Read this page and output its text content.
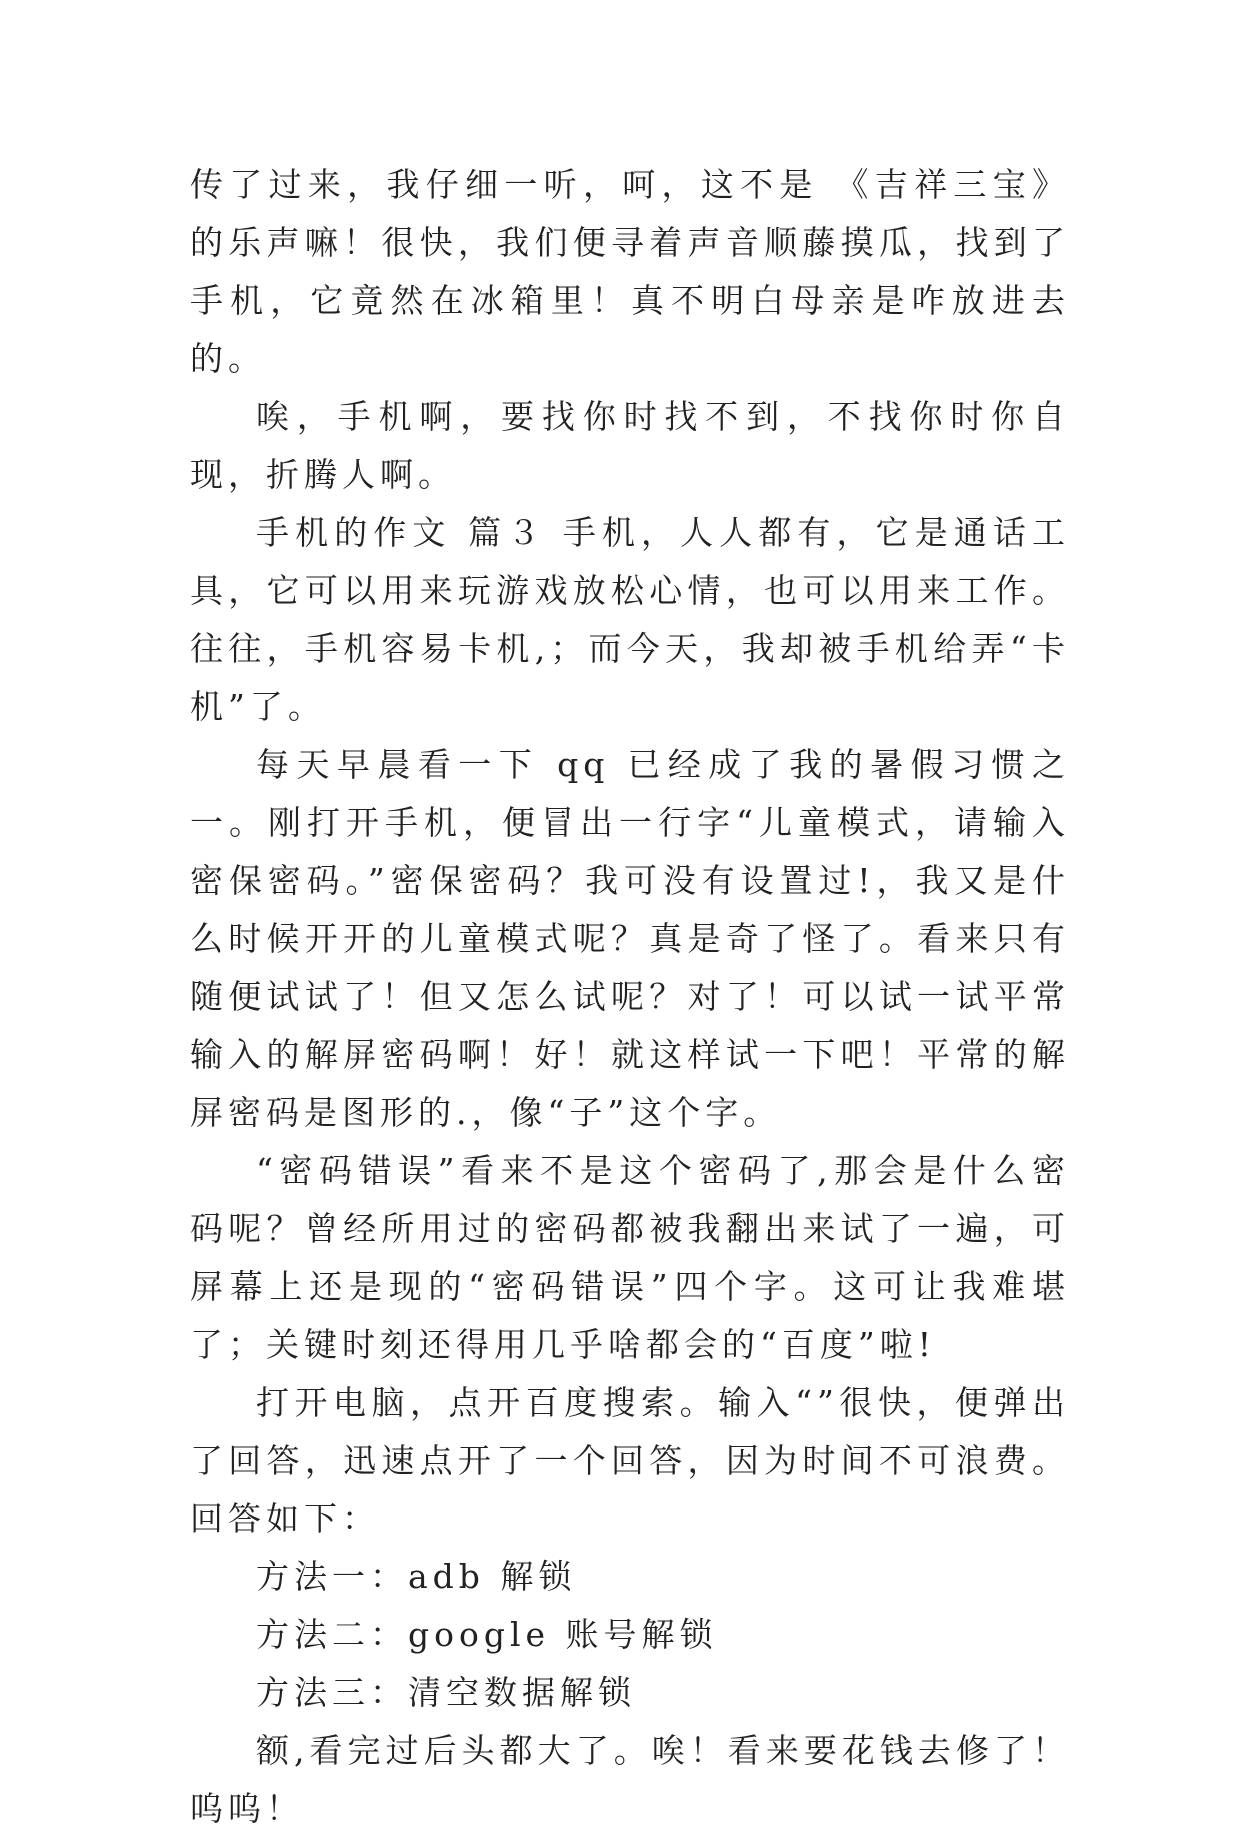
传了过来，我仔细一听，呵，这不是 《吉祥三宝》的乐声嘛！很快，我们便寻着声音顺藤摸瓜，找到了手机，它竟然在冰箱里！真不明白母亲是咋放进去的。

唉，手机啊，要找你时找不到，不找你时你自现，折腾人啊。

手机的作文 篇３ 手机，人人都有，它是通话工具，它可以用来玩游戏放松心情，也可以用来工作。往往，手机容易卡机,；而今天，我却被手机给弄“卡机”了。

每天早晨看一下 qq 已经成了我的暑假习惯之一。刚打开手机，便冒出一行字“儿童模式，请输入密保密码。”密保密码？我可没有设置过!，我又是什么时候开开的儿童模式呢？真是奇了怪了。看来只有随便试试了！但又怎么试呢？对了！可以试一试平常输入的解屏密码啊！好！就这样试一下吧！平常的解屏密码是图形的.，像“子”这个字。

“密码错误”看来不是这个密码了,那会是什么密码呢？曾经所用过的密码都被我翻出来试了一遍，可屏幕上还是现的“密码错误”四个字。这可让我难堪了；关键时刻还得用几乎啥都会的“百度”啦!

打开电脑，点开百度搜索。输入“”很快，便弹出了回答，迅速点开了一个回答，因为时间不可浪费。回答如下：

方法一：adb 解锁

方法二：google 账号解锁

方法三：清空数据解锁

额,看完过后头都大了。唉！看来要花钱去修了！呜呜！
